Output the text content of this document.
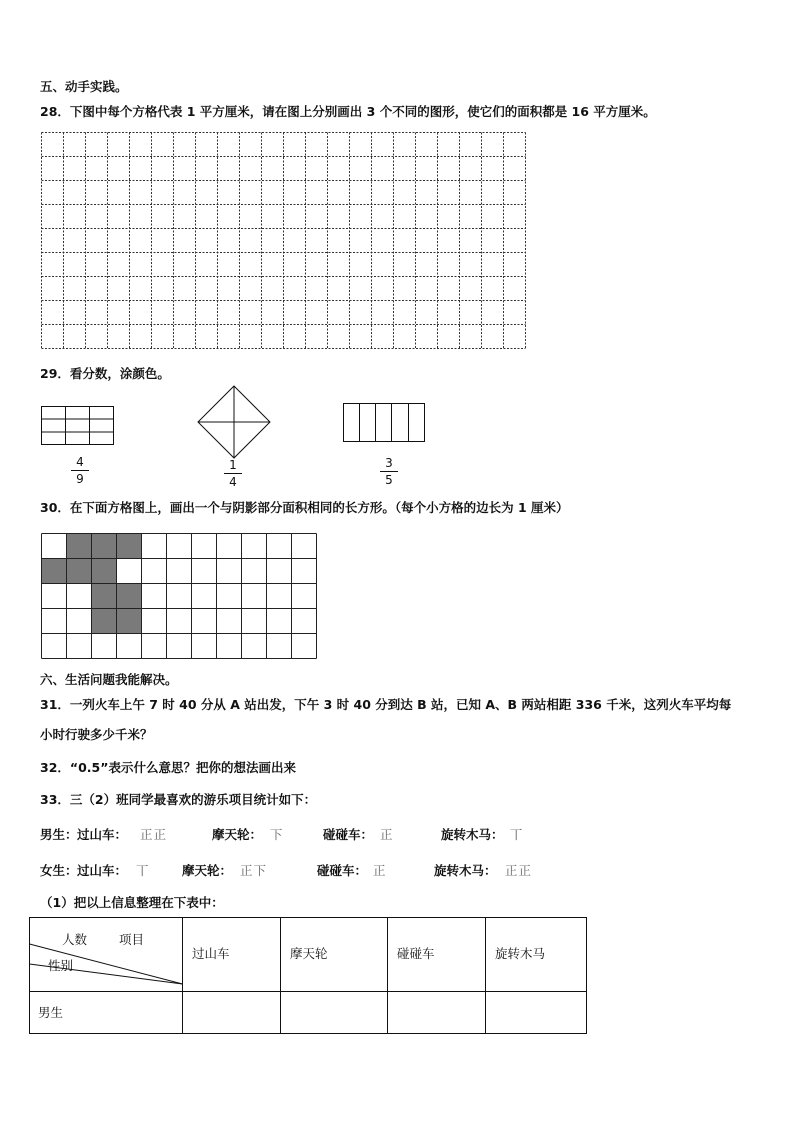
五、动手实践。
28．下图中每个方格代表 1 平方厘米，请在图上分别画出 3 个不同的图形，使它们的面积都是 16 平方厘米。
29．看分数，涂颜色。
4
9
1
4
3
5
30．在下面方格图上，画出一个与阴影部分面积相同的长方形。（每个小方格的边长为 1 厘米）
六、生活问题我能解决。
31．一列火车上午 7 时 40 分从 A 站出发，下午 3 时 40 分到达 B 站，已知 A、B 两站相距 336 千米，这列火车平均每
小时行驶多少千米？
32．“0.5”表示什么意思？把你的想法画出来
33．三（2）班同学最喜欢的游乐项目统计如下：
男生： 过山车： 正正	摩天轮： 下	碰碰车： 正	旋转木马： 丅
女生： 过山车： 丅	摩天轮： 正下	碰碰车： 正	旋转木马： 正正
（1）把以上信息整理在下表中：
人数	项目
性别
过山车	摩天轮	碰碰车	旋转木马
男生
